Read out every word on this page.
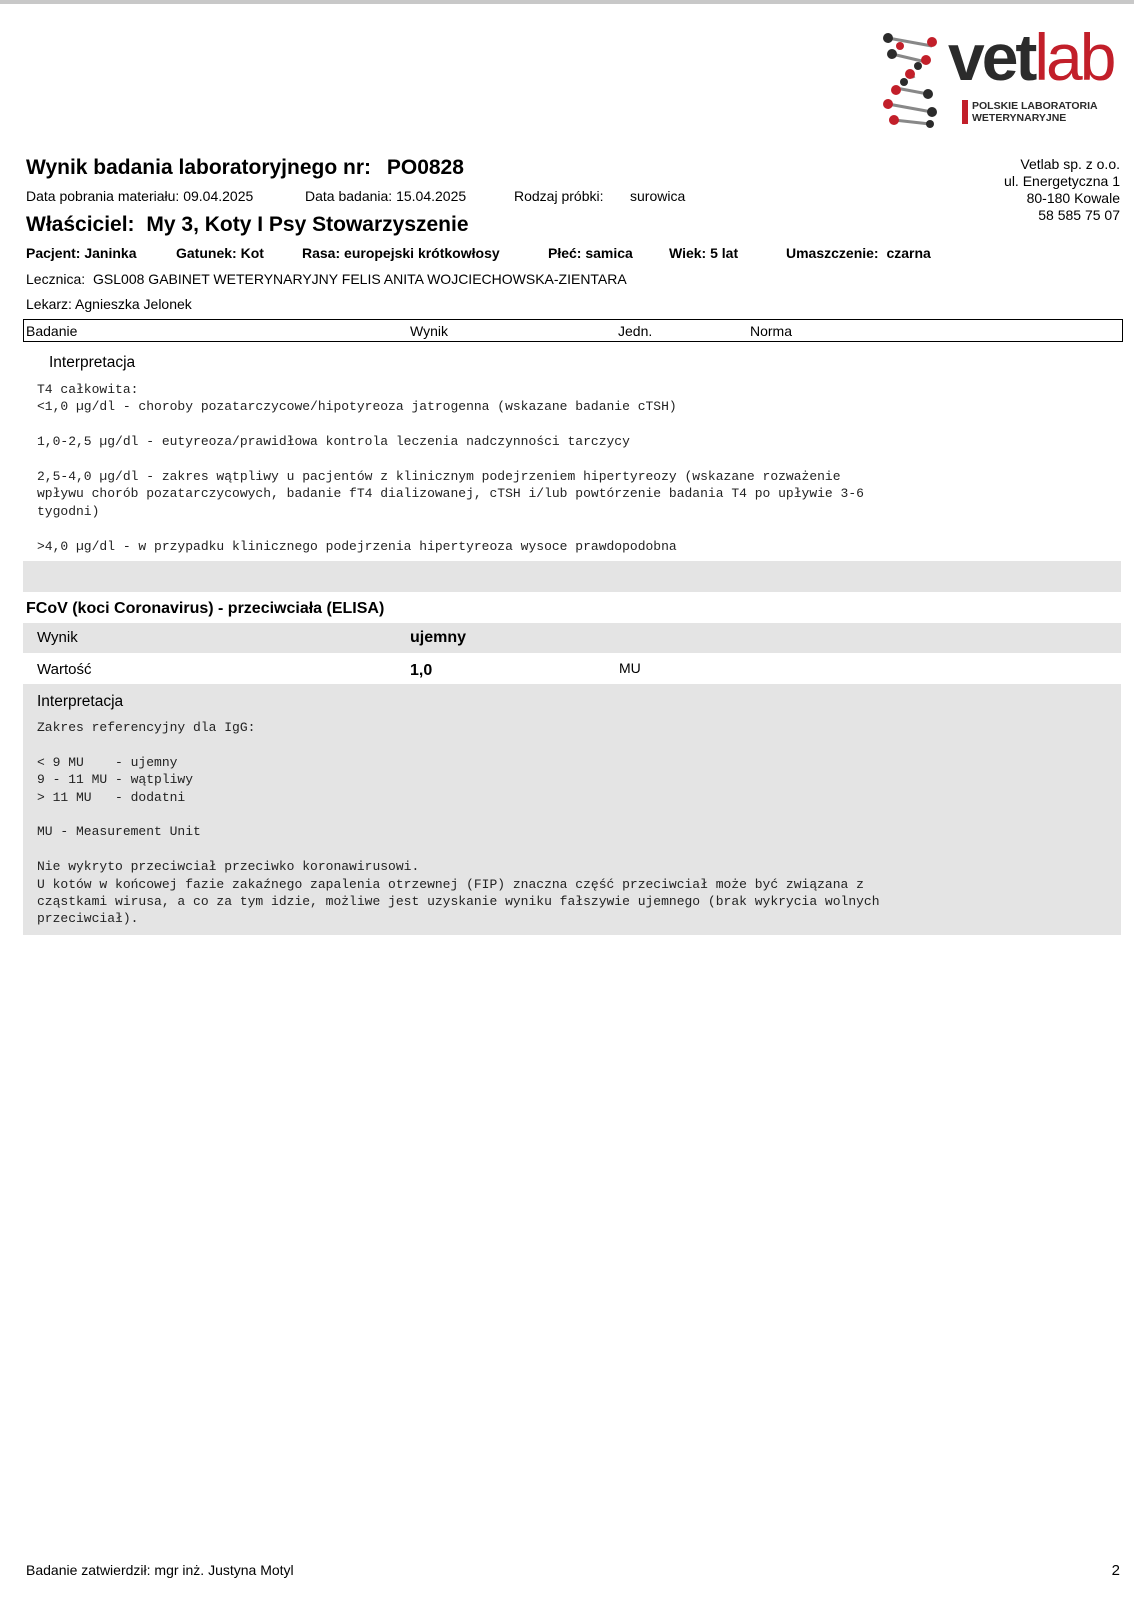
vetlab
POLSKIE LABORATORIA
WETERYNARYJNE
Wynik badania laboratoryjnego nr: PO0828	Vetlab sp. z o.o.
ul. Energetyczna 1
80-180 Kowale
58 585 75 07
Data pobrania materiału: 09.04.2025	Data badania: 15.04.2025	Rodzaj próbki: surowica
Właściciel: My 3, Koty I Psy Stowarzyszenie
Pacjent: Janinka	Gatunek: Kot	Rasa: europejski krótkowłosy	Płeć: samica	Wiek: 5 lat	Umaszczenie: czarna
Lecznica: GSL008 GABINET WETERYNARYJNY FELIS ANITA WOJCIECHOWSKA-ZIENTARA
Lekarz: Agnieszka Jelonek
Badanie	Wynik	Jedn.	Norma
Interpretacja
T4 całkowita:
<1,0 µg/dl - choroby pozatarczycowe/hipotyreoza jatrogenna (wskazane badanie cTSH)

1,0-2,5 µg/dl - eutyreoza/prawidłowa kontrola leczenia nadczynności tarczycy

2,5-4,0 µg/dl - zakres wątpliwy u pacjentów z klinicznym podejrzeniem hipertyreozy (wskazane rozważenie
wpływu chorób pozatarczycowych, badanie fT4 dializowanej, cTSH i/lub powtórzenie badania T4 po upływie 3-6
tygodni)

>4,0 µg/dl - w przypadku klinicznego podejrzenia hipertyreoza wysoce prawdopodobna
FCoV (koci Coronavirus) - przeciwciała (ELISA)
Wynik	ujemny
Wartość	1,0	MU
Interpretacja
Zakres referencyjny dla IgG:

< 9 MU    - ujemny
9 - 11 MU - wątpliwy
> 11 MU   - dodatni

MU - Measurement Unit

Nie wykryto przeciwciał przeciwko koronawirusowi.
U kotów w końcowej fazie zakaźnego zapalenia otrzewnej (FIP) znaczna część przeciwciał może być związana z
cząstkami wirusa, a co za tym idzie, możliwe jest uzyskanie wyniku fałszywie ujemnego (brak wykrycia wolnych
przeciwciał).
Badanie zatwierdził: mgr inż. Justyna Motyl	2
